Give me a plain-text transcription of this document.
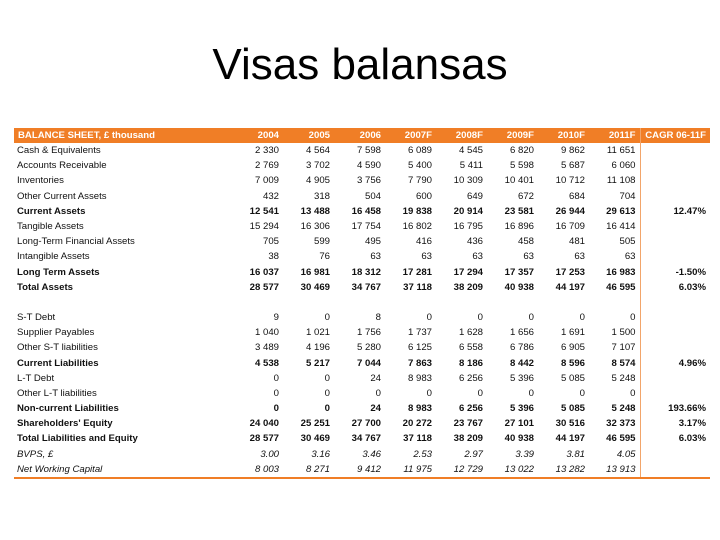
Visas balansas
BALANCE SHEET, £ thousand	2004	2005	2006	2007F	2008F	2009F	2010F	2011F	CAGR 06-11F
Cash & Equivalents	2 330	4 564	7 598	6 089	4 545	6 820	9 862	11 651	
Accounts Receivable	2 769	3 702	4 590	5 400	5 411	5 598	5 687	6 060	
Inventories	7 009	4 905	3 756	7 790	10 309	10 401	10 712	11 108	
Other Current Assets	432	318	504	600	649	672	684	704	
Current Assets	12 541	13 488	16 458	19 838	20 914	23 581	26 944	29 613	12.47%
Tangible Assets	15 294	16 306	17 754	16 802	16 795	16 896	16 709	16 414	
Long-Term Financial Assets	705	599	495	416	436	458	481	505	
Intangible Assets	38	76	63	63	63	63	63	63	
Long Term Assets	16 037	16 981	18 312	17 281	17 294	17 357	17 253	16 983	-1.50%
Total Assets	28 577	30 469	34 767	37 118	38 209	40 938	44 197	46 595	6.03%

S-T Debt	9	0	8	0	0	0	0	0	
Supplier Payables	1 040	1 021	1 756	1 737	1 628	1 656	1 691	1 500	
Other S-T liabilities	3 489	4 196	5 280	6 125	6 558	6 786	6 905	7 107	
Current Liabilities	4 538	5 217	7 044	7 863	8 186	8 442	8 596	8 574	4.96%
L-T Debt	0	0	24	8 983	6 256	5 396	5 085	5 248	
Other L-T liabilities	0	0	0	0	0	0	0	0	
Non-current Liabilities	0	0	24	8 983	6 256	5 396	5 085	5 248	193.66%
Shareholders' Equity	24 040	25 251	27 700	20 272	23 767	27 101	30 516	32 373	3.17%
Total Liabilities and Equity	28 577	30 469	34 767	37 118	38 209	40 938	44 197	46 595	6.03%
BVPS, £	3.00	3.16	3.46	2.53	2.97	3.39	3.81	4.05	
Net Working Capital	8 003	8 271	9 412	11 975	12 729	13 022	13 282	13 913	
